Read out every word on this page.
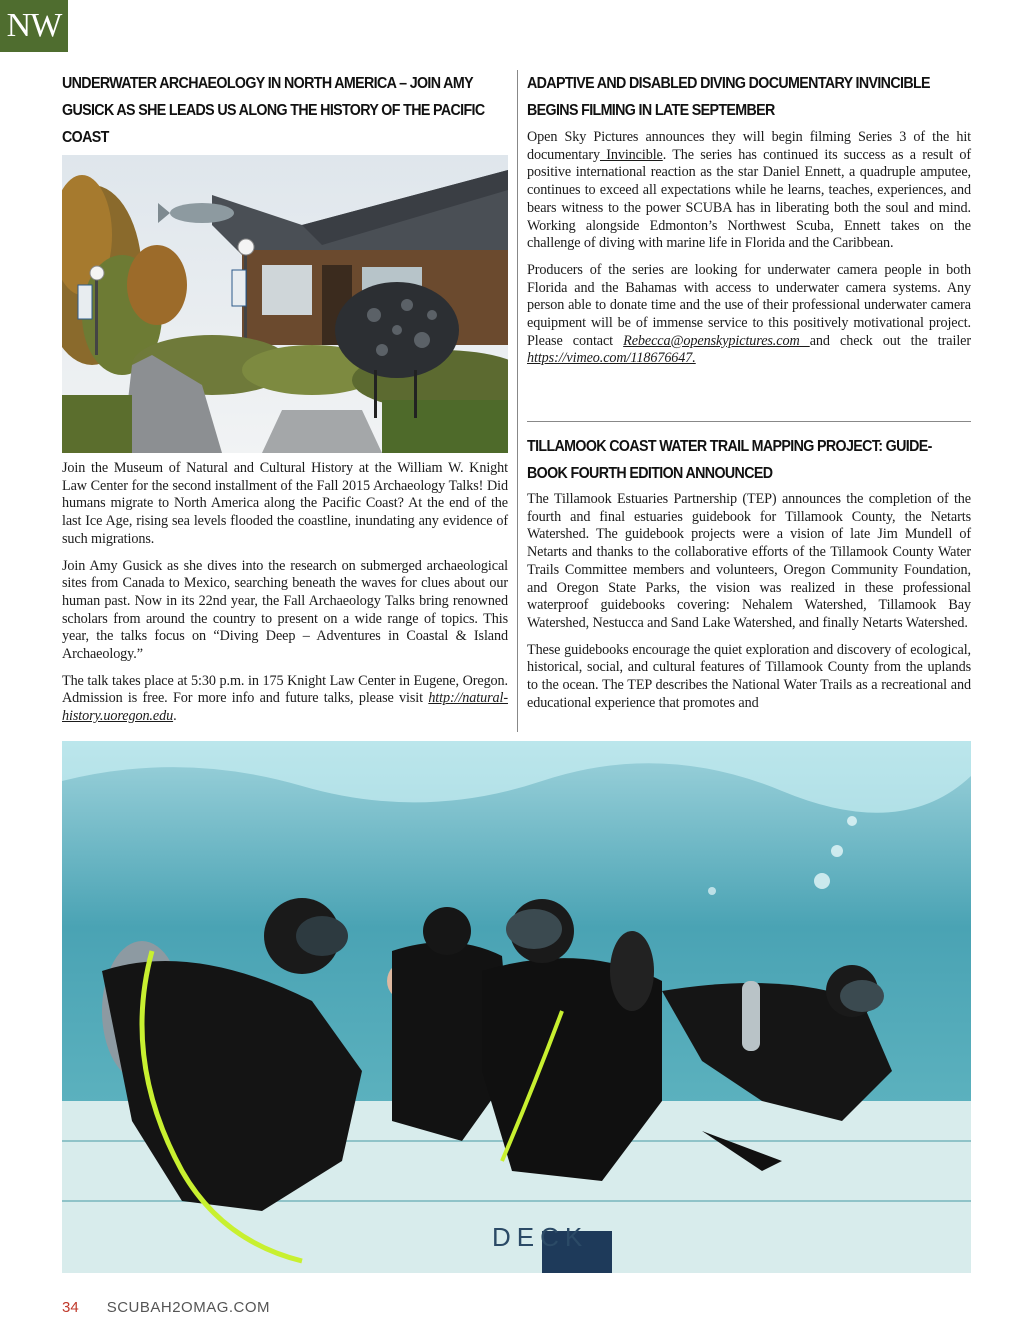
NW
UNDERWATER ARCHAEOLOGY IN NORTH AMERICA – JOIN AMY GUSICK AS SHE LEADS US ALONG THE HISTORY OF THE PACIFIC COAST

Join the Museum of Natural and Cultural History at the William W. Knight Law Center for the second installment of the Fall 2015 Archaeology Talks! Did humans migrate to North America along the Pacific Coast? At the end of the last Ice Age, rising sea levels flooded the coastline, inundating any evidence of such migrations.

Join Amy Gusick as she dives into the research on submerged archaeological sites from Canada to Mexico, searching beneath the waves for clues about our human past. Now in its 22nd year, the Fall Archaeology Talks bring renowned scholars from around the country to present on a wide range of topics. This year, the talks focus on “Diving Deep – Adventures in Coastal & Island Archaeology.”

The talk takes place at 5:30 p.m. in 175 Knight Law Center in Eugene, Oregon. Admission is free. For more info and future talks, please visit http://natural-history.uoregon.edu.

ADAPTIVE AND DISABLED DIVING DOCUMENTARY INVINCIBLE BEGINS FILMING IN LATE SEPTEMBER

Open Sky Pictures announces they will begin filming Series 3 of the hit documentary Invincible. The series has continued its success as a result of positive international reaction as the star Daniel Ennett, a quadruple amputee, continues to exceed all expectations while he learns, teaches, experiences, and bears witness to the power SCUBA has in liberating both the soul and mind. Working alongside Edmonton’s Northwest Scuba, Ennett takes on the challenge of diving with marine life in Florida and the Caribbean.

Producers of the series are looking for underwater camera people in both Florida and the Bahamas with access to underwater camera systems. Any person able to donate time and the use of their professional underwater camera equipment will be of immense service to this positively motivational project. Please contact Rebecca@openskypictures.com and check out the trailer https://vimeo.com/118676647.

TILLAMOOK COAST WATER TRAIL MAPPING PROJECT: GUIDE-BOOK FOURTH EDITION ANNOUNCED

The Tillamook Estuaries Partnership (TEP) announces the completion of the fourth and final estuaries guidebook for Tillamook County, the Netarts Watershed. The guidebook projects were a vision of late Jim Mundell of Netarts and thanks to the collaborative efforts of the Tillamook County Water Trails Committee members and volunteers, Oregon Community Foundation, and Oregon State Parks, the vision was realized in these professional waterproof guidebooks covering: Nehalem Watershed, Tillamook Bay Watershed, Nestucca and Sand Lake Watershed, and finally Netarts Watershed.

These guidebooks encourage the quiet exploration and discovery of ecological, historical, social, and cultural features of Tillamook County from the uplands to the ocean. The TEP describes the National Water Trails as a recreational and educational experience that promotes and

DECK
34 SCUBAH2OMAG.COM
